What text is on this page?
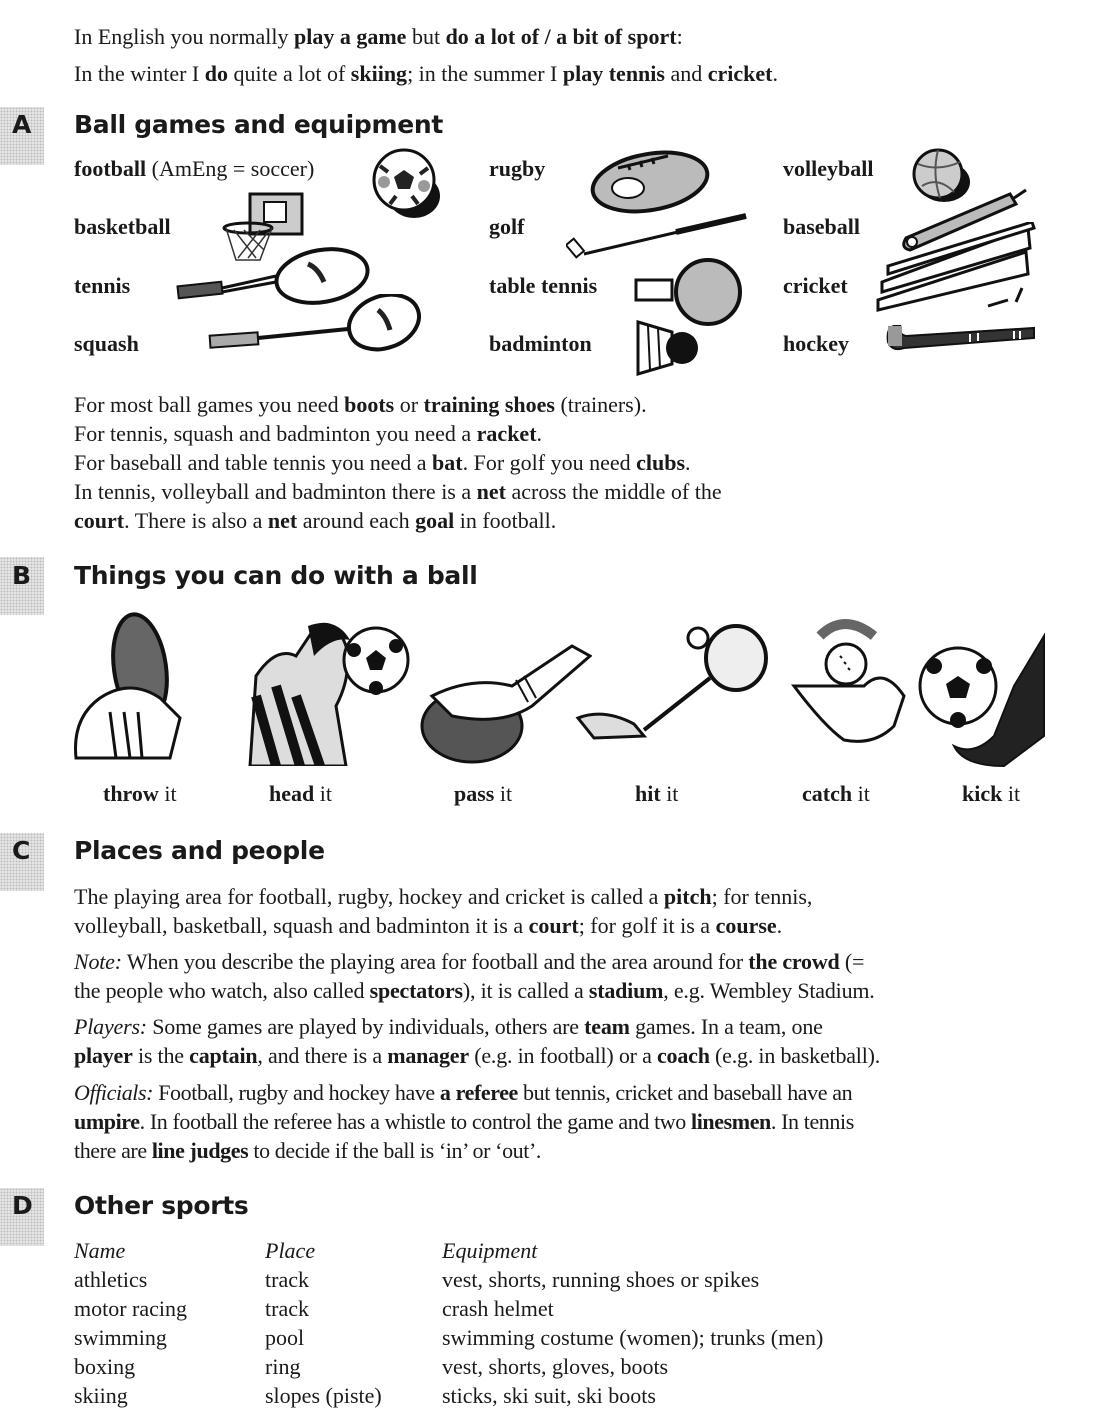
In English you normally play a game but do a lot of / a bit of sport:
In the winter I do quite a lot of skiing; in the summer I play tennis and cricket.
A Ball games and equipment
football (AmEng = soccer)
basketball
tennis
squash
rugby
golf
table tennis
badminton
volleyball
baseball
cricket
hockey
For most ball games you need boots or training shoes (trainers).
For tennis, squash and badminton you need a racket.
For baseball and table tennis you need a bat. For golf you need clubs.
In tennis, volleyball and badminton there is a net across the middle of the
court. There is also a net around each goal in football.
B Things you can do with a ball
throw it	head it	pass it	hit it	catch it	kick it
C Places and people
The playing area for football, rugby, hockey and cricket is called a pitch; for tennis,
volleyball, basketball, squash and badminton it is a court; for golf it is a course.
Note: When you describe the playing area for football and the area around for the crowd (=
the people who watch, also called spectators), it is called a stadium, e.g. Wembley Stadium.
Players: Some games are played by individuals, others are team games. In a team, one
player is the captain, and there is a manager (e.g. in football) or a coach (e.g. in basketball).
Officials: Football, rugby and hockey have a referee but tennis, cricket and baseball have an
umpire. In football the referee has a whistle to control the game and two linesmen. In tennis
there are line judges to decide if the ball is ‘in’ or ‘out’.
D Other sports
Name	Place	Equipment
athletics	track	vest, shorts, running shoes or spikes
motor racing	track	crash helmet
swimming	pool	swimming costume (women); trunks (men)
boxing	ring	vest, shorts, gloves, boots
skiing	slopes (piste)	sticks, ski suit, ski boots
